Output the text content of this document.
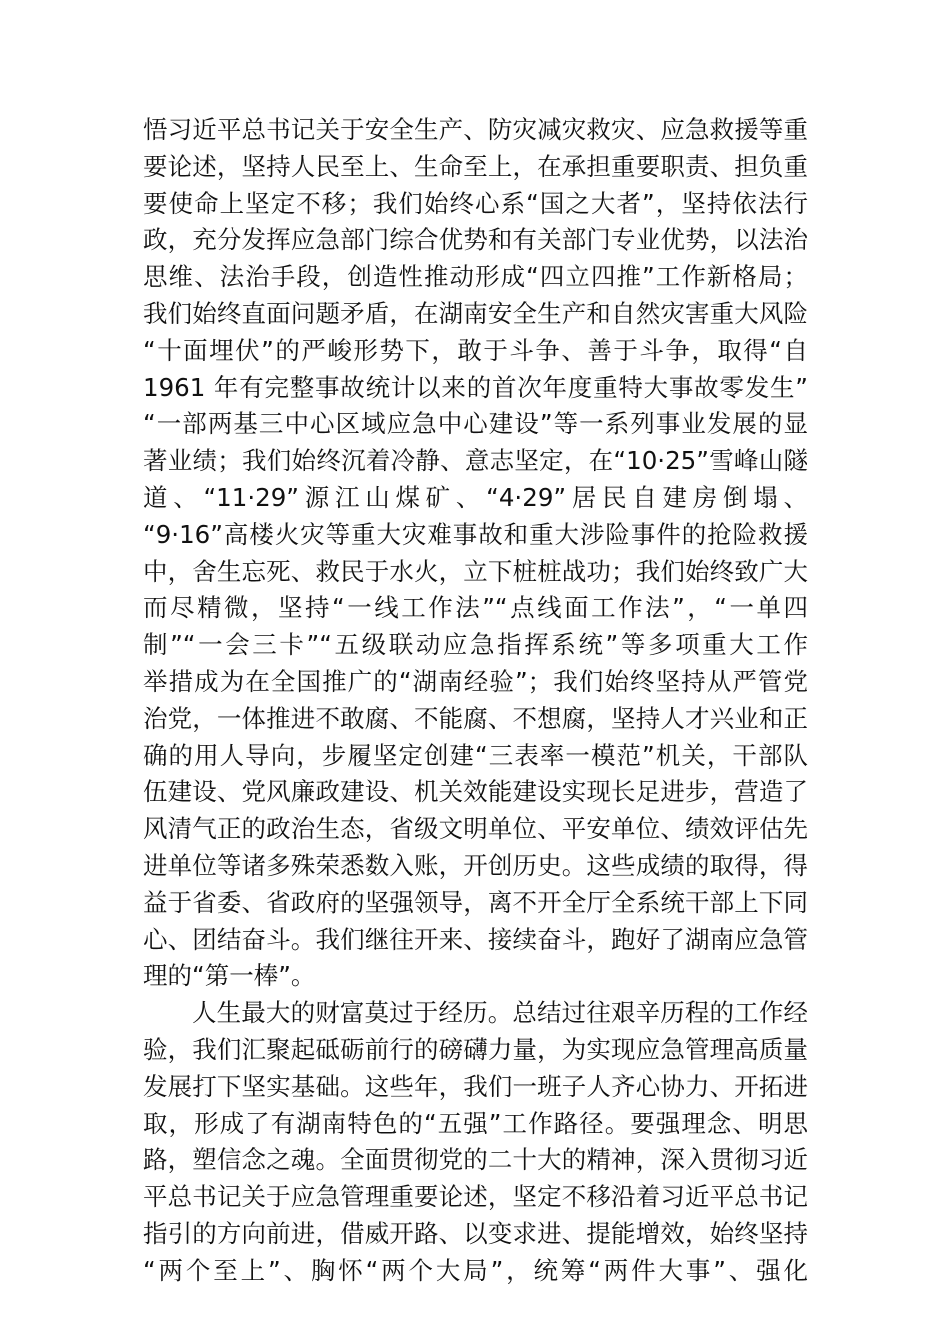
悟习近平总书记关于安全生产、防灾减灾救灾、应急救援等重
要论述，坚持人民至上、生命至上，在承担重要职责、担负重
要使命上坚定不移；我们始终心系“国之大者”，坚持依法行
政，充分发挥应急部门综合优势和有关部门专业优势，以法治
思维、法治手段，创造性推动形成“四立四推”工作新格局；
我们始终直面问题矛盾，在湖南安全生产和自然灾害重大风险
“十面埋伏”的严峻形势下，敢于斗争、善于斗争，取得“自
1961 年有完整事故统计以来的首次年度重特大事故零发生”
“一部两基三中心区域应急中心建设”等一系列事业发展的显
著业绩；我们始终沉着冷静、意志坚定，在“10·25”雪峰山隧
道、“11·29”源江山煤矿、“4·29”居民自建房倒塌、
“9·16”高楼火灾等重大灾难事故和重大涉险事件的抢险救援
中，舍生忘死、救民于水火，立下桩桩战功；我们始终致广大
而尽精微，坚持“一线工作法”“点线面工作法”，“一单四
制”“一会三卡”“五级联动应急指挥系统”等多项重大工作
举措成为在全国推广的“湖南经验”；我们始终坚持从严管党
治党，一体推进不敢腐、不能腐、不想腐，坚持人才兴业和正
确的用人导向，步履坚定创建“三表率一模范”机关，干部队
伍建设、党风廉政建设、机关效能建设实现长足进步，营造了
风清气正的政治生态，省级文明单位、平安单位、绩效评估先
进单位等诸多殊荣悉数入账，开创历史。这些成绩的取得，得
益于省委、省政府的坚强领导，离不开全厅全系统干部上下同
心、团结奋斗。我们继往开来、接续奋斗，跑好了湖南应急管
理的“第一棒”。
人生最大的财富莫过于经历。总结过往艰辛历程的工作经
验，我们汇聚起砥砺前行的磅礴力量，为实现应急管理高质量
发展打下坚实基础。这些年，我们一班子人齐心协力、开拓进
取，形成了有湖南特色的“五强”工作路径。要强理念、明思
路，塑信念之魂。全面贯彻党的二十大的精神，深入贯彻习近
平总书记关于应急管理重要论述，坚定不移沿着习近平总书记
指引的方向前进，借威开路、以变求进、提能增效，始终坚持
“两个至上”、胸怀“两个大局”，统筹“两件大事”、强化
